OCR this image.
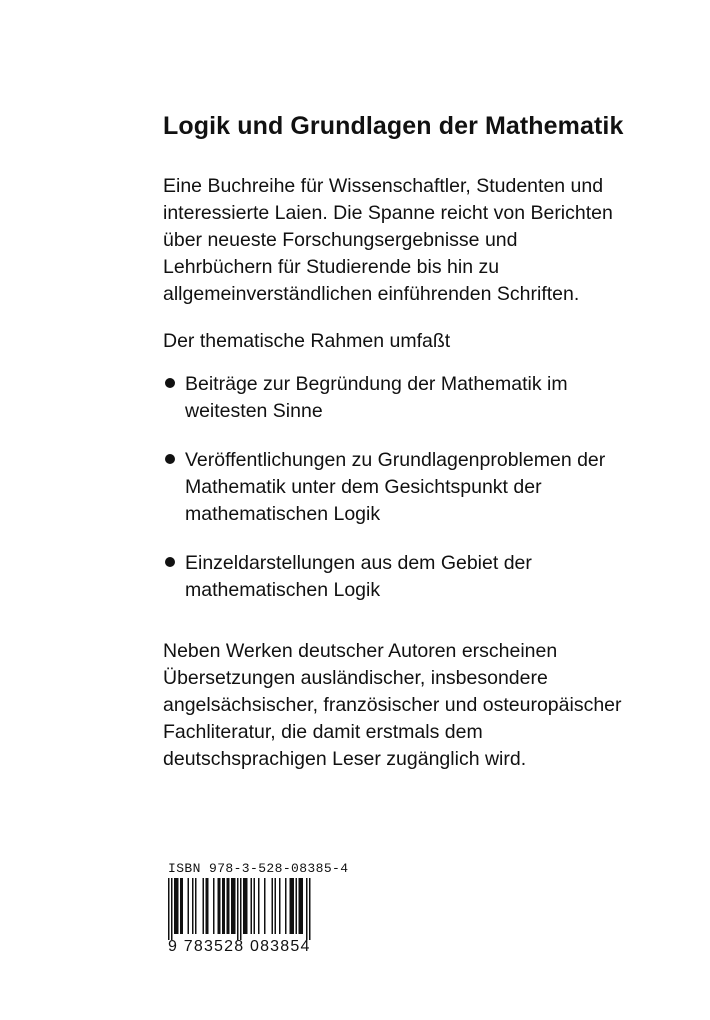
Logik und Grundlagen der Mathematik
Eine Buchreihe für Wissenschaftler, Studenten und
interessierte Laien. Die Spanne reicht von Berichten
über neueste Forschungsergebnisse und
Lehrbüchern für Studierende bis hin zu
allgemeinverständlichen einführenden Schriften.
Der thematische Rahmen umfaßt
Beiträge zur Begründung der Mathematik im
weitesten Sinne
Veröffentlichungen zu Grundlagenproblemen der
Mathematik unter dem Gesichtspunkt der
mathematischen Logik
Einzeldarstellungen aus dem Gebiet der
mathematischen Logik
Neben Werken deutscher Autoren erscheinen
Übersetzungen ausländischer, insbesondere
angelsächsischer, französischer und osteuropäischer
Fachliteratur, die damit erstmals dem
deutschsprachigen Leser zugänglich wird.
ISBN 978-3-528-08385-4
9 783528 083854
